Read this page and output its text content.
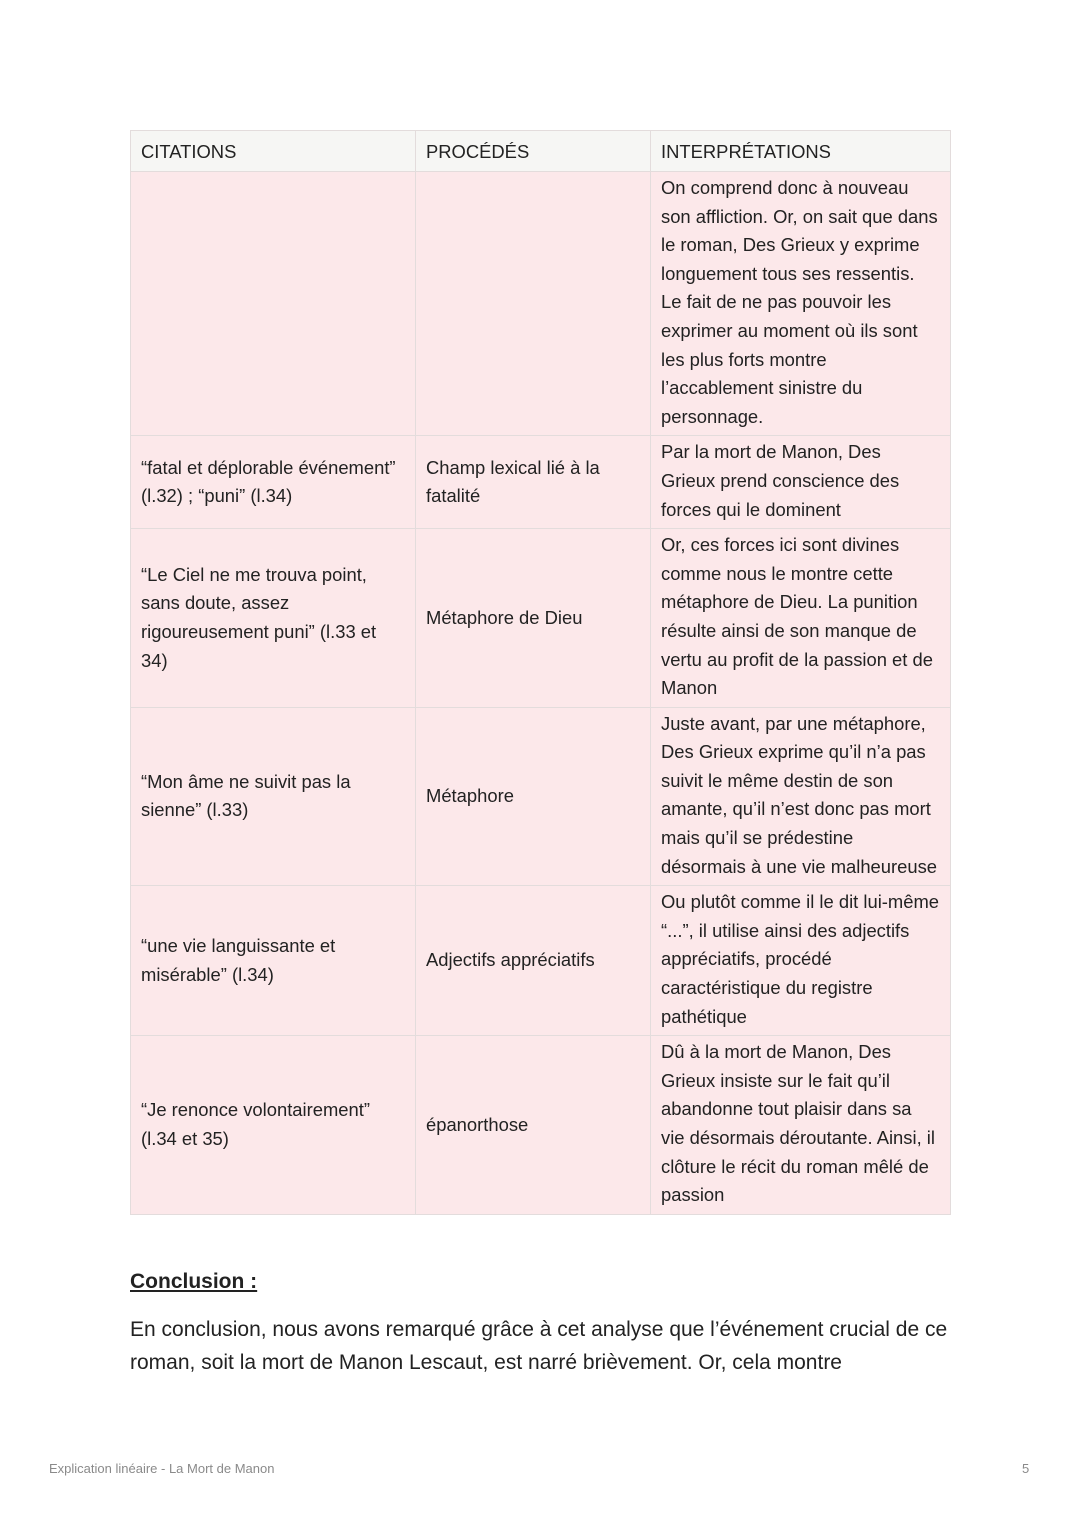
CITATIONS	PROCÉDÉS	INTERPRÉTATIONS
		On comprend donc à nouveau son affliction. Or, on sait que dans le roman, Des Grieux y exprime longuement tous ses ressentis. Le fait de ne pas pouvoir les exprimer au moment où ils sont les plus forts montre l’accablement sinistre du personnage.
“fatal et déplorable événement” (l.32) ; “puni” (l.34)	Champ lexical lié à la fatalité	Par la mort de Manon, Des Grieux prend conscience des forces qui le dominent
“Le Ciel ne me trouva point, sans doute, assez rigoureusement puni” (l.33 et 34)	Métaphore de Dieu	Or, ces forces ici sont divines comme nous le montre cette métaphore de Dieu. La punition résulte ainsi de son manque de vertu au profit de la passion et de Manon
“Mon âme ne suivit pas la sienne” (l.33)	Métaphore	Juste avant, par une métaphore, Des Grieux exprime qu’il n’a pas suivit le même destin de son amante, qu’il n’est donc pas mort mais qu’il se prédestine désormais à une vie malheureuse
“une vie languissante et misérable” (l.34)	Adjectifs appréciatifs	Ou plutôt comme il le dit lui-même “...”, il utilise ainsi des adjectifs appréciatifs, procédé caractéristique du registre pathétique
“Je renonce volontairement” (l.34 et 35)	épanorthose	Dû à la mort de Manon, Des Grieux insiste sur le fait qu’il abandonne tout plaisir dans sa vie désormais déroutante. Ainsi, il clôture le récit du roman mêlé de passion
Conclusion :

En conclusion, nous avons remarqué grâce à cet analyse que l’événement crucial de ce roman, soit la mort de Manon Lescaut, est narré brièvement. Or, cela montre

Explication linéaire - La Mort de Manon	5
